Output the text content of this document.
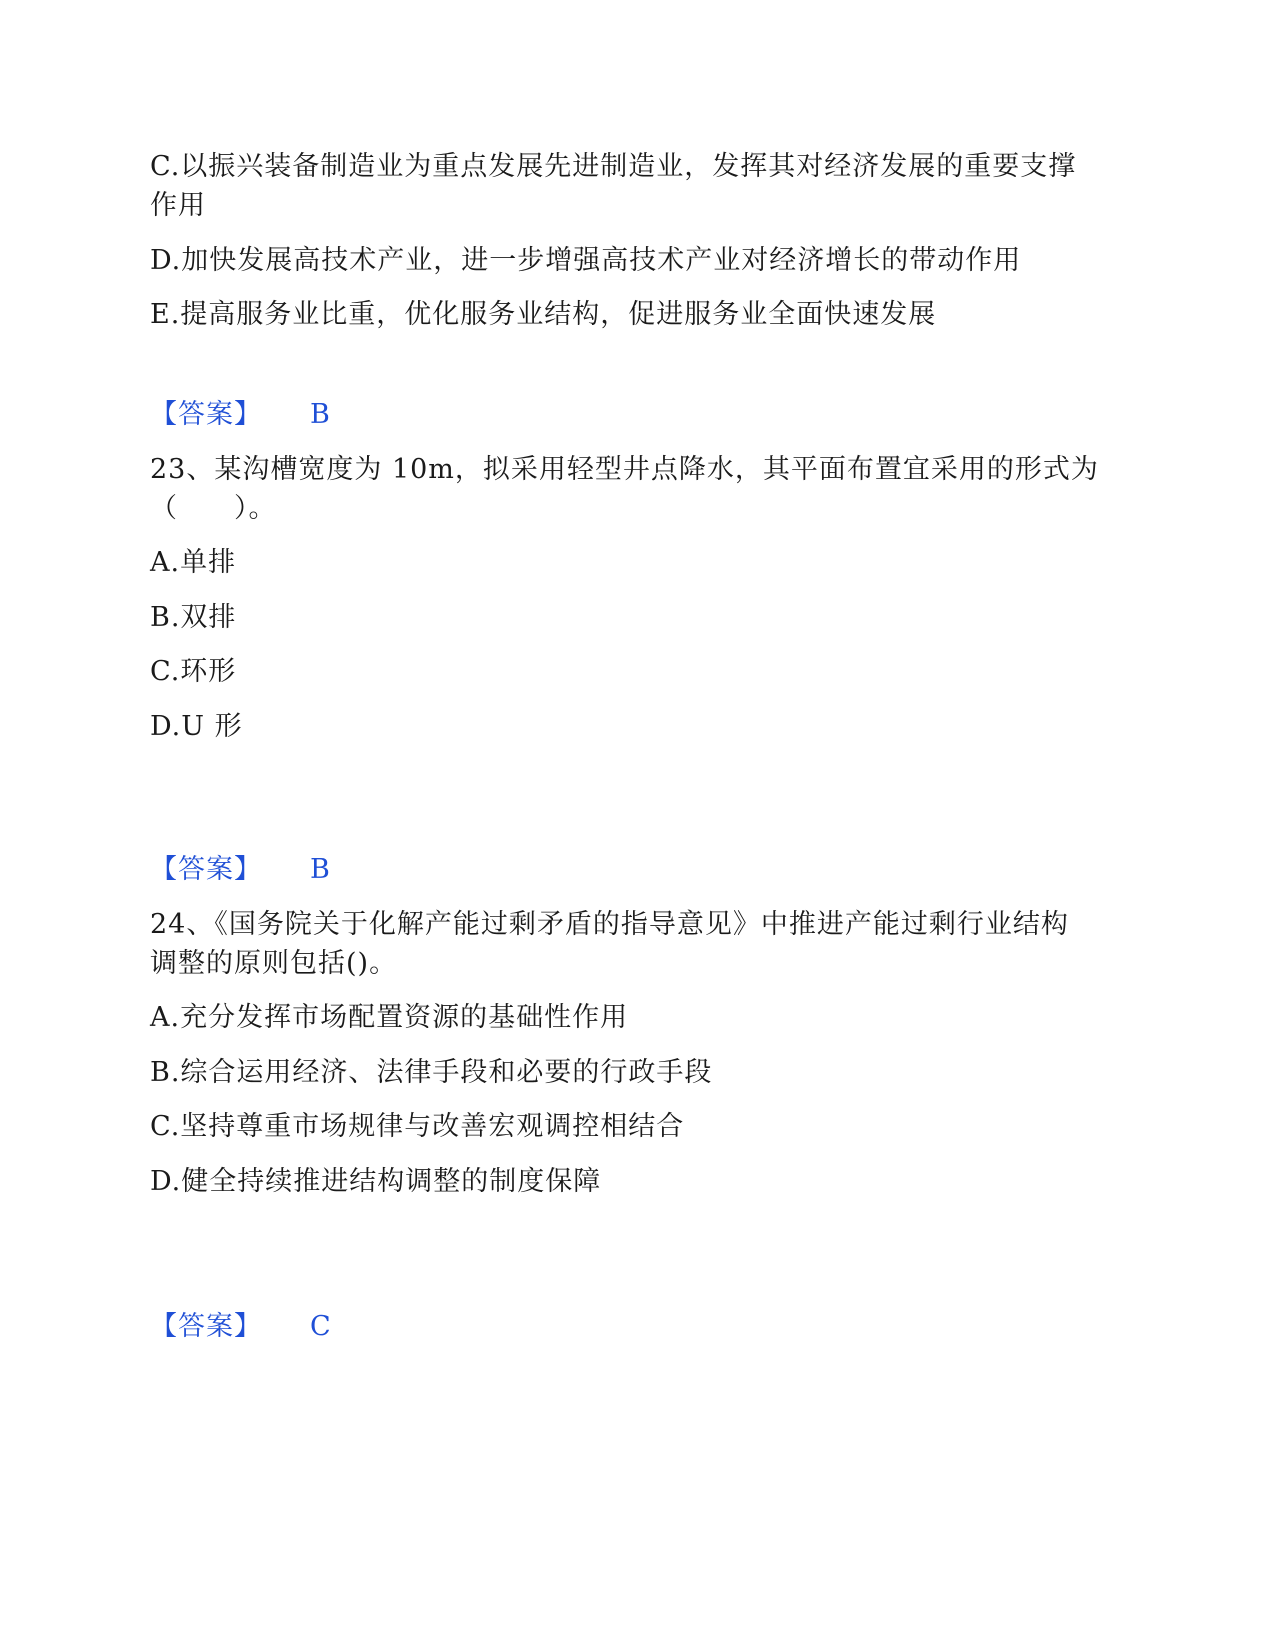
C.以振兴装备制造业为重点发展先进制造业，发挥其对经济发展的重要支撑
作用
D.加快发展高技术产业，进一步增强高技术产业对经济增长的带动作用
E.提高服务业比重，优化服务业结构，促进服务业全面快速发展
【答案】 B
23、某沟槽宽度为 10m，拟采用轻型井点降水，其平面布置宜采用的形式为
（　　）。
A.单排
B.双排
C.环形
D.U 形
【答案】 B
24、《国务院关于化解产能过剩矛盾的指导意见》中推进产能过剩行业结构
调整的原则包括()。
A.充分发挥市场配置资源的基础性作用
B.综合运用经济、法律手段和必要的行政手段
C.坚持尊重市场规律与改善宏观调控相结合
D.健全持续推进结构调整的制度保障
【答案】 C
